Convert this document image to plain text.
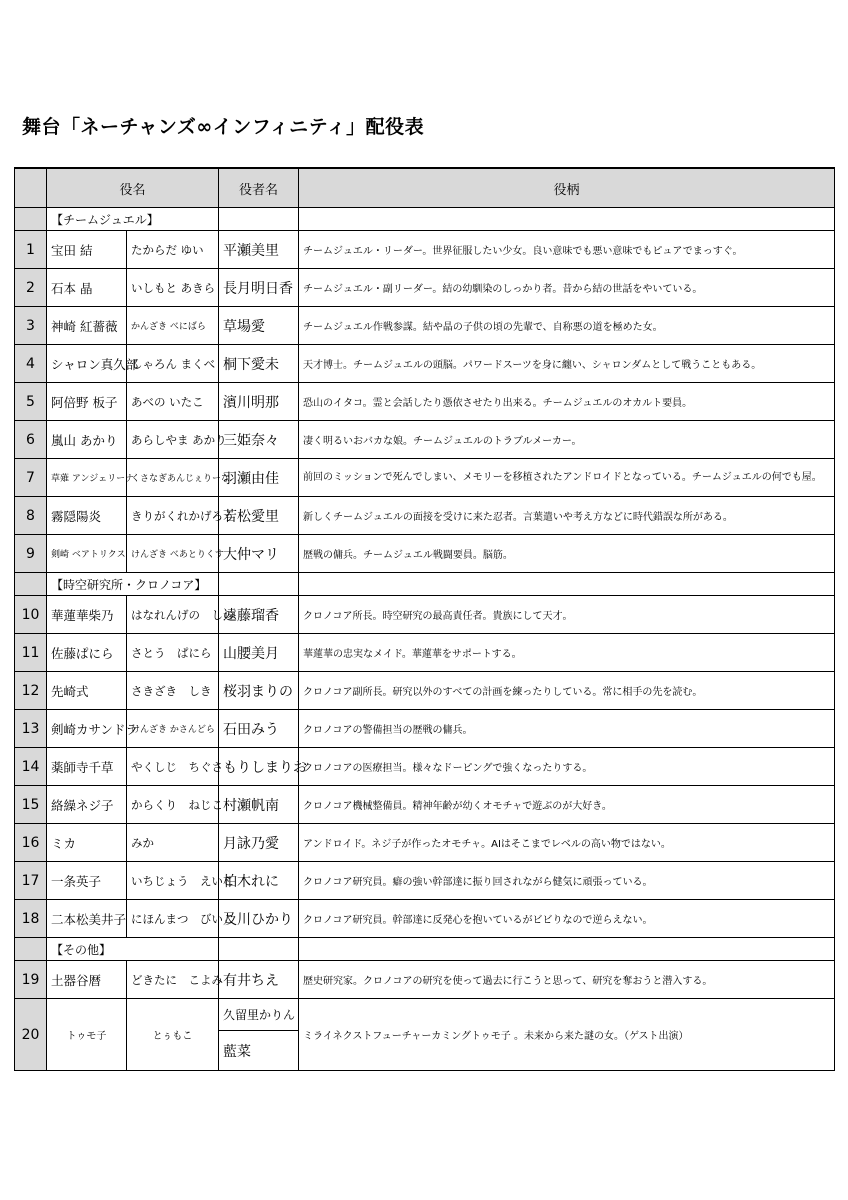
舞台「ネーチャンズ∞インフィニティ」配役表
	役名		役者名	役柄
	【チームジュエル】			
1	宝田 結	たからだ ゆい	平瀬美里	チームジュエル・リーダー。世界征服したい少女。良い意味でも悪い意味でもピュアでまっすぐ。
2	石本 晶	いしもと あきら	長月明日香	チームジュエル・副リーダー。結の幼馴染のしっかり者。昔から結の世話をやいている。
3	神崎 紅薔薇	かんざき べにばら	草場愛	チームジュエル作戦参謀。結や晶の子供の頃の先輩で、自称悪の道を極めた女。
4	シャロン真久部	しゃろん まくべ	桐下愛未	天才博士。チームジュエルの頭脳。パワードスーツを身に纏い、シャロンダムとして戦うこともある。
5	阿倍野 板子	あべの いたこ	濱川明那	恐山のイタコ。霊と会話したり憑依させたり出来る。チームジュエルのオカルト要員。
6	嵐山 あかり	あらしやま あかり	三姫奈々	凄く明るいおバカな娘。チームジュエルのトラブルメーカー。
7	草薙 アンジェリーナ	くさなぎあんじぇりーな	羽瀬由佳	前回のミッションで死んでしまい、メモリーを移植されたアンドロイドとなっている。チームジュエルの何でも屋。
8	霧隠陽炎	きりがくれかげろう	若松愛里	新しくチームジュエルの面接を受けに来た忍者。言葉遣いや考え方などに時代錯誤な所がある。
9	剣崎 ベアトリクス	けんざき べあとりくす	大仲マリ	歴戦の傭兵。チームジュエル戦闘要員。脳筋。
	【時空研究所・クロノコア】			
10	華蓮華柴乃	はなれんげの　しの	遠藤瑠香	クロノコア所長。時空研究の最高責任者。貴族にして天才。
11	佐藤ぱにら	さとう　ぱにら	山腰美月	華蓮華の忠実なメイド。華蓮華をサポートする。
12	先崎式	さきざき　しき	桜羽まりの	クロノコア副所長。研究以外のすべての計画を練ったりしている。常に相手の先を読む。
13	剣崎カサンドラ	けんざき かさんどら	石田みう	クロノコアの警備担当の歴戦の傭兵。
14	薬師寺千草	やくしじ　ちぐさ	もりしまりお	クロノコアの医療担当。様々なドーピングで強くなったりする。
15	絡繰ネジ子	からくり　ねじこ	村瀬帆南	クロノコア機械整備員。精神年齢が幼くオモチャで遊ぶのが大好き。
16	ミカ	みか	月詠乃愛	アンドロイド。ネジ子が作ったオモチャ。AIはそこまでレベルの高い物ではない。
17	一条英子	いちじょう　えいこ	柏木れに	クロノコア研究員。癖の強い幹部達に振り回されながら健気に頑張っている。
18	二本松美井子	にほんまつ　びいこ	及川ひかり	クロノコア研究員。幹部達に反発心を抱いているがビビりなので逆らえない。
	【その他】			
19	土器谷暦	どきたに　こよみ	有井ちえ	歴史研究家。クロノコアの研究を使って過去に行こうと思って、研究を奪おうと潜入する。
20	トゥモ子	とぅもこ	久留里かりん	ミライネクストフューチャーカミングトゥモ子 。未来から来た謎の女。（ゲスト出演）
			藍菜	
